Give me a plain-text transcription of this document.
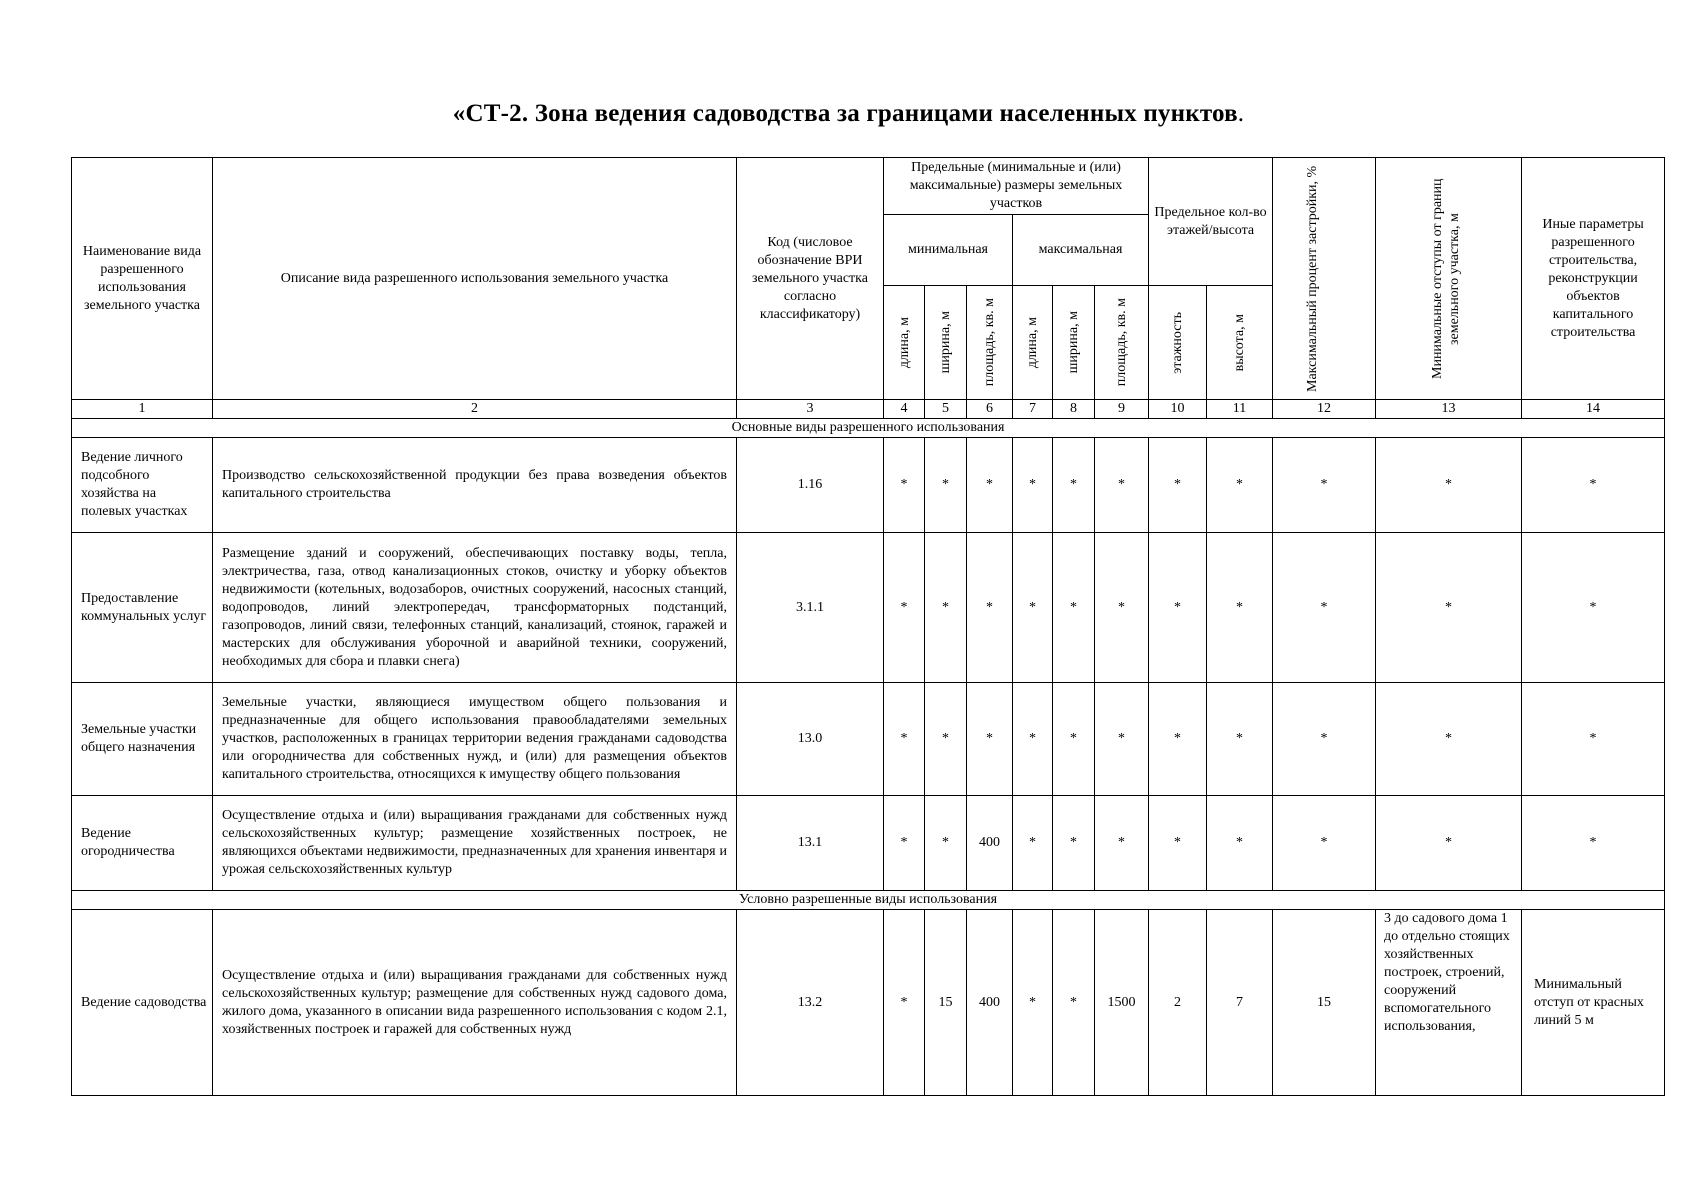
«СТ-2. Зона ведения садоводства за границами населенных пунктов.
Наименование вида разрешенного использования земельного участка	Описание вида разрешенного использования земельного участка	Код (числовое обозначение ВРИ земельного участка согласно классификатору)	Предельные (минимальные и (или) максимальные) размеры земельных участков						Предельное кол-во этажей/высота		Максимальный процент застройки, %	Минимальные отступы от границ земельного участка, м	Иные параметры разрешенного строительства, реконструкции объектов капитального строительства
			минимальная			максимальная							

			длина, м	ширина, м	площадь, кв. м	длина, м	ширина, м	площадь, кв. м	этажность	высота, м			

1	2	3	4	5	6	7	8	9	10	11	12	13	14
Основные виды разрешенного использования													
Ведение личного подсобного хозяйства на полевых участках	Производство сельскохозяйственной продукции без права возведения объектов капитального строительства	1.16	*	*	*	*	*	*	*	*	*	*	*
Предоставление коммунальных услуг	Размещение зданий и сооружений, обеспечивающих поставку воды, тепла, электричества, газа, отвод канализационных стоков, очистку и уборку объектов недвижимости (котельных, водозаборов, очистных сооружений, насосных станций, водопроводов, линий электропередач, трансформаторных подстанций, газопроводов, линий связи, телефонных станций, канализаций, стоянок, гаражей и мастерских для обслуживания уборочной и аварийной техники, сооружений, необходимых для сбора и плавки снега)	3.1.1	*	*	*	*	*	*	*	*	*	*	*
Земельные участки общего назначения	Земельные участки, являющиеся имуществом общего пользования и предназначенные для общего использования правообладателями земельных участков, расположенных в границах территории ведения гражданами садоводства или огородничества для собственных нужд, и (или) для размещения объектов капитального строительства, относящихся к имуществу общего пользования	13.0	*	*	*	*	*	*	*	*	*	*	*
Ведение огородничества	Осуществление отдыха и (или) выращивания гражданами для собственных нужд сельскохозяйственных культур; размещение хозяйственных построек, не являющихся объектами недвижимости, предназначенных для хранения инвентаря и урожая сельскохозяйственных культур	13.1	*	*	400	*	*	*	*	*	*	*	*
Условно разрешенные виды использования													
Ведение садоводства	Осуществление отдыха и (или) выращивания гражданами для собственных нужд сельскохозяйственных культур; размещение для собственных нужд садового дома, жилого дома, указанного в описании вида разрешенного использования с кодом 2.1, хозяйственных построек и гаражей для собственных нужд	13.2	*	15	400	*	*	1500	2	7	15	3 до садового дома 1 до отдельно стоящих хозяйственных построек, строений, сооружений вспомогательного использования,	Минимальный отступ от красных линий 5 м
